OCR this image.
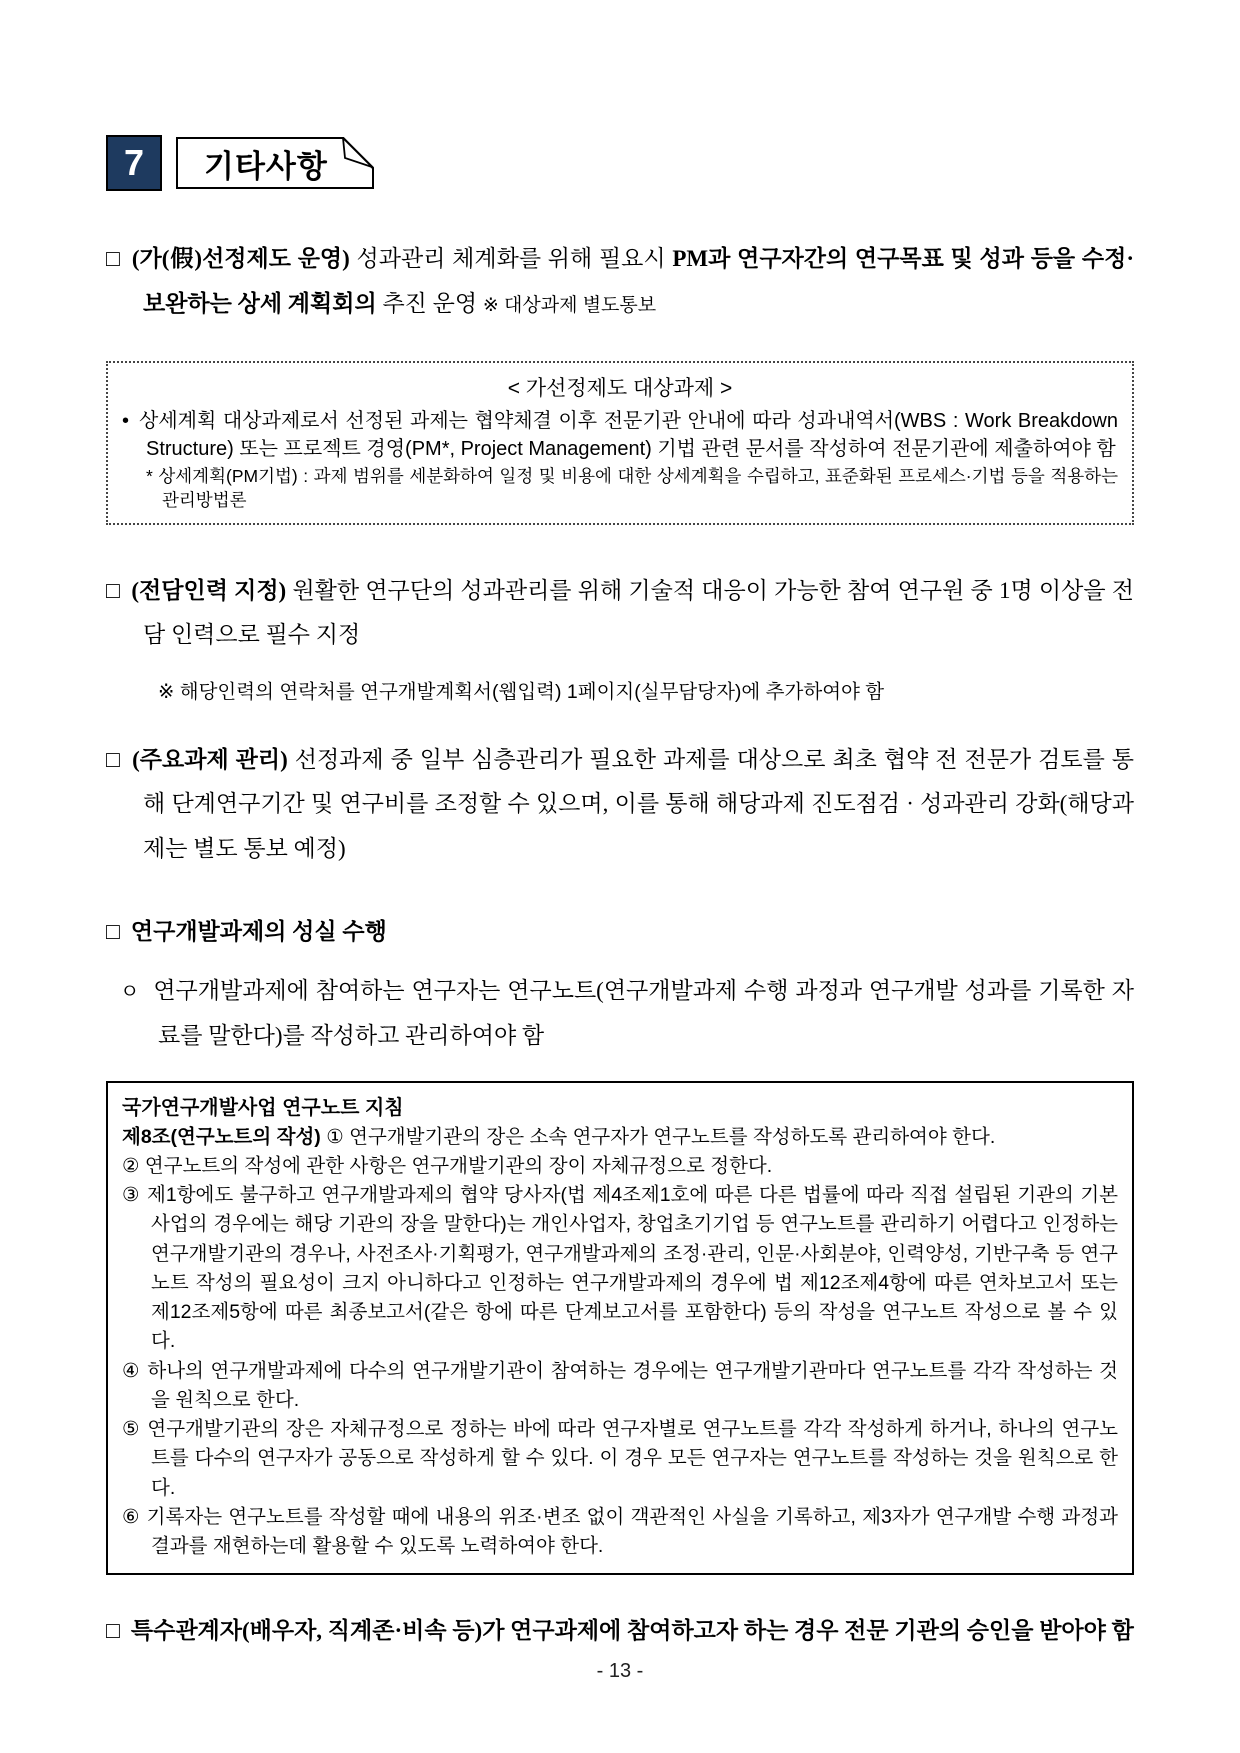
7	기타사항

□ (가(假)선정제도 운영) 성과관리 체계화를 위해 필요시 PM과 연구자간의 연구목표 및 성과 등을 수정·보완하는 상세 계획회의 추진 운영 ※ 대상과제 별도통보

< 가선정제도 대상과제 >
• 상세계획 대상과제로서 선정된 과제는 협약체결 이후 전문기관 안내에 따라 성과내역서(WBS : Work Breakdown Structure) 또는 프로젝트 경영(PM*, Project Management) 기법 관련 문서를 작성하여 전문기관에 제출하여야 함
* 상세계획(PM기법) : 과제 범위를 세분화하여 일정 및 비용에 대한 상세계획을 수립하고, 표준화된 프로세스·기법 등을 적용하는 관리방법론

□ (전담인력 지정) 원활한 연구단의 성과관리를 위해 기술적 대응이 가능한 참여 연구원 중 1명 이상을 전담 인력으로 필수 지정

※ 해당인력의 연락처를 연구개발계획서(웹입력) 1페이지(실무담당자)에 추가하여야 함

□ (주요과제 관리) 선정과제 중 일부 심층관리가 필요한 과제를 대상으로 최초 협약 전 전문가 검토를 통해 단계연구기간 및 연구비를 조정할 수 있으며, 이를 통해 해당과제 진도점검 · 성과관리 강화(해당과제는 별도 통보 예정)

□ 연구개발과제의 성실 수행

ㅇ 연구개발과제에 참여하는 연구자는 연구노트(연구개발과제 수행 과정과 연구개발 성과를 기록한 자료를 말한다)를 작성하고 관리하여야 함

국가연구개발사업 연구노트 지침
제8조(연구노트의 작성) ① 연구개발기관의 장은 소속 연구자가 연구노트를 작성하도록 관리하여야 한다.
② 연구노트의 작성에 관한 사항은 연구개발기관의 장이 자체규정으로 정한다.
③ 제1항에도 불구하고 연구개발과제의 협약 당사자(법 제4조제1호에 따른 다른 법률에 따라 직접 설립된 기관의 기본사업의 경우에는 해당 기관의 장을 말한다)는 개인사업자, 창업초기기업 등 연구노트를 관리하기 어렵다고 인정하는 연구개발기관의 경우나, 사전조사·기획평가, 연구개발과제의 조정·관리, 인문·사회분야, 인력양성, 기반구축 등 연구노트 작성의 필요성이 크지 아니하다고 인정하는 연구개발과제의 경우에 법 제12조제4항에 따른 연차보고서 또는 제12조제5항에 따른 최종보고서(같은 항에 따른 단계보고서를 포함한다) 등의 작성을 연구노트 작성으로 볼 수 있다.
④ 하나의 연구개발과제에 다수의 연구개발기관이 참여하는 경우에는 연구개발기관마다 연구노트를 각각 작성하는 것을 원칙으로 한다.
⑤ 연구개발기관의 장은 자체규정으로 정하는 바에 따라 연구자별로 연구노트를 각각 작성하게 하거나, 하나의 연구노트를 다수의 연구자가 공동으로 작성하게 할 수 있다. 이 경우 모든 연구자는 연구노트를 작성하는 것을 원칙으로 한다.
⑥ 기록자는 연구노트를 작성할 때에 내용의 위조·변조 없이 객관적인 사실을 기록하고, 제3자가 연구개발 수행 과정과 결과를 재현하는데 활용할 수 있도록 노력하여야 한다.

□ 특수관계자(배우자, 직계존·비속 등)가 연구과제에 참여하고자 하는 경우 전문 기관의 승인을 받아야 함

- 13 -
